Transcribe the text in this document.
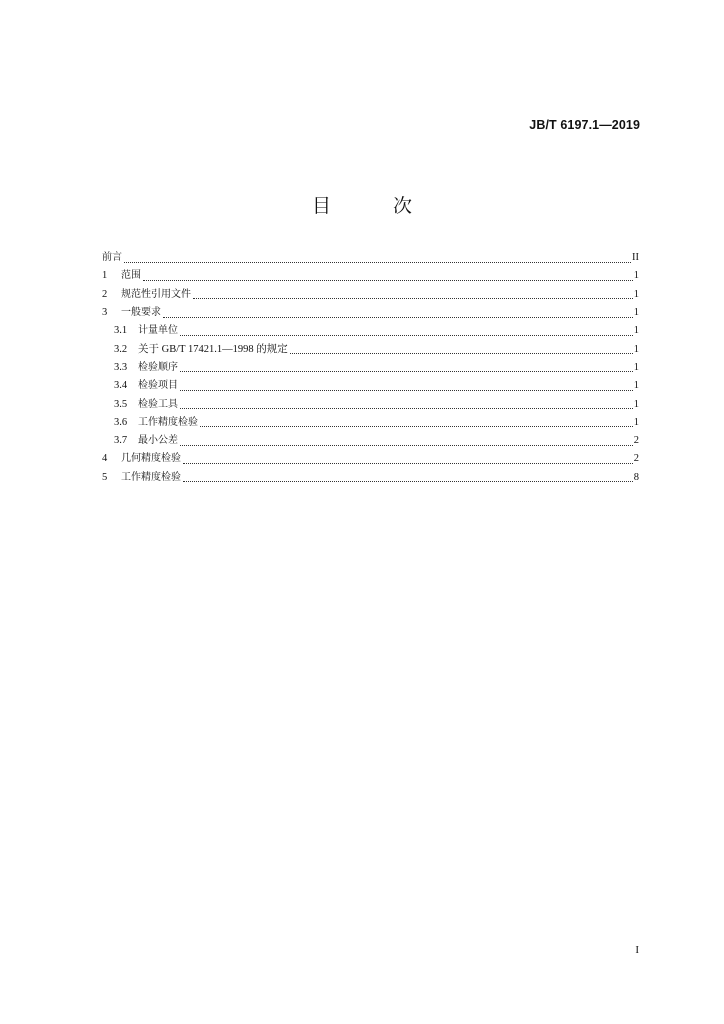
JB/T 6197.1—2019
目 次
前言	II
1	范围	1
2	规范性引用文件	1
3	一般要求	1
3.1	计量单位	1
3.2	关于 GB/T 17421.1—1998 的规定	1
3.3	检验顺序	1
3.4	检验项目	1
3.5	检验工具	1
3.6	工作精度检验	1
3.7	最小公差	2
4	几何精度检验	2
5	工作精度检验	8
I
